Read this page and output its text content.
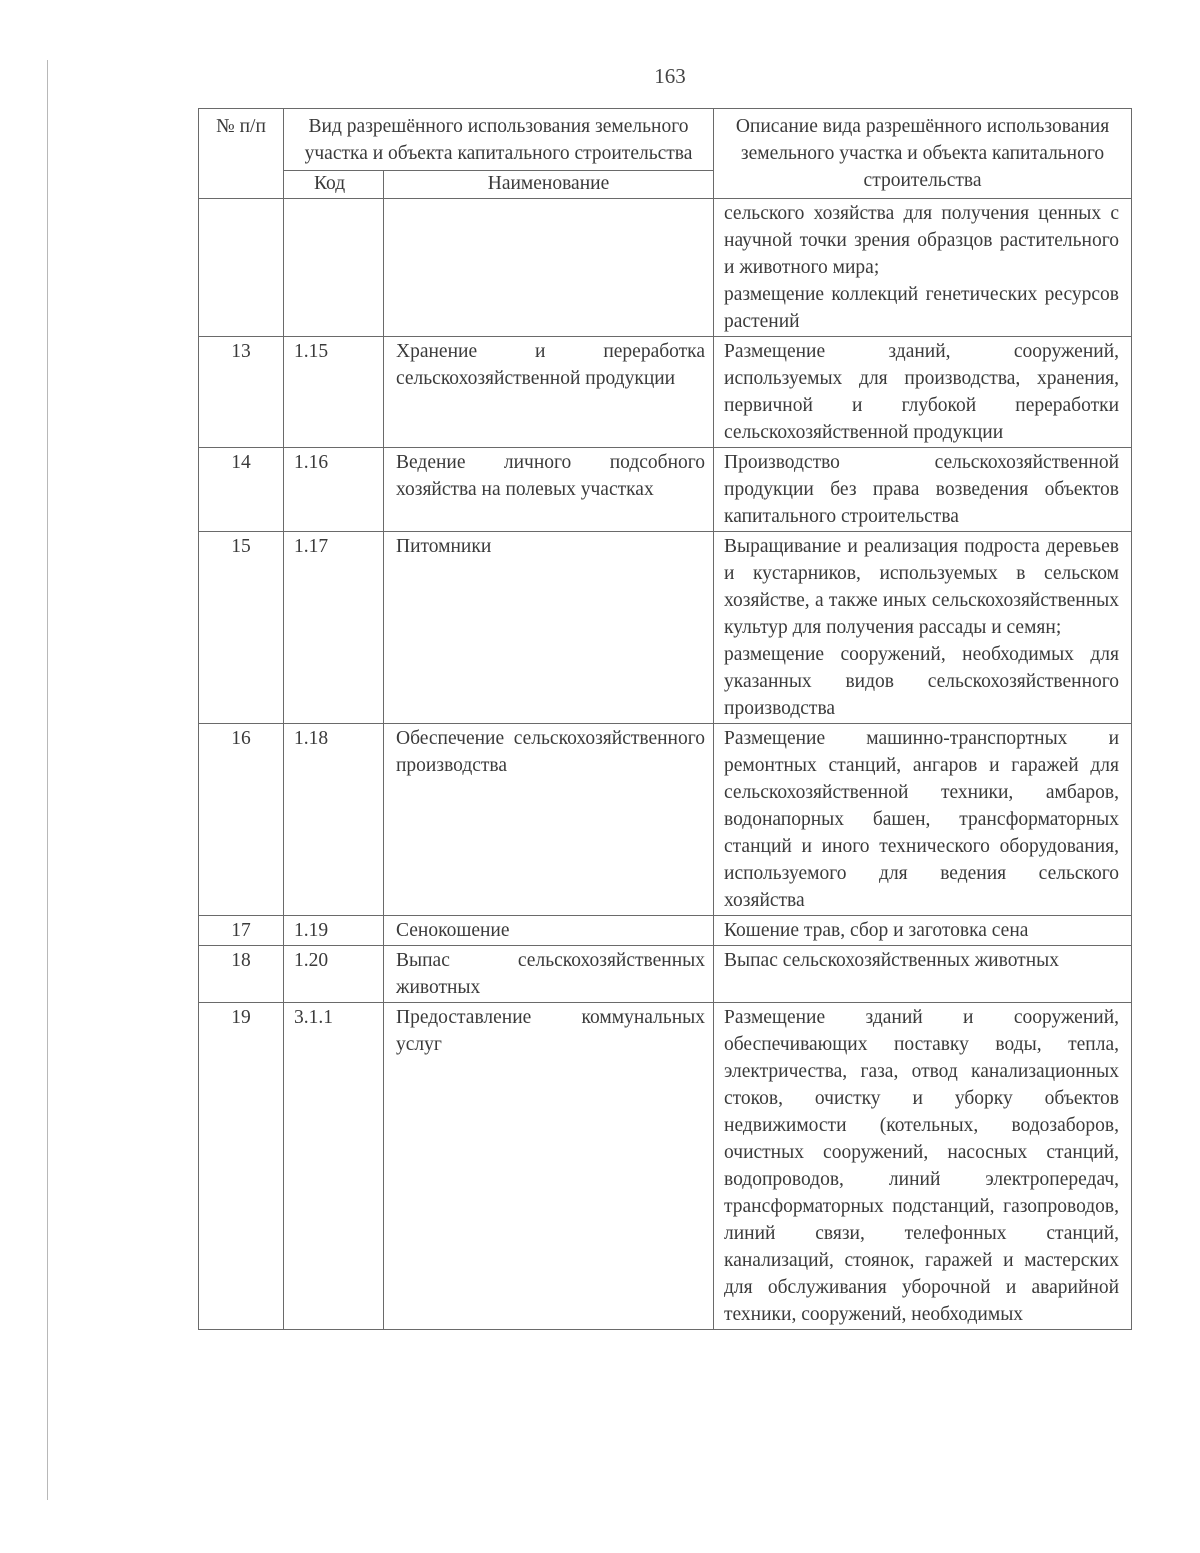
163
№ п/п	Вид разрешённого использования земельного участка и объекта капитального строительства		Описание вида разрешённого использования земельного участка и объекта капитального строительства
	Код	Наименование	

			сельского хозяйства для получения ценных с научной точки зрения образцов растительного и животного мира;

размещение коллекций генетических ресурсов растений

13	1.15	Хранение и переработка сельскохозяйственной продукции	Размещение зданий, сооружений, используемых для производства, хранения, первичной и глубокой переработки сельскохозяйственной продукции

14	1.16	Ведение личного подсобного хозяйства на полевых участках	Производство сельскохозяйственной продукции без права возведения объектов капитального строительства

15	1.17	Питомники	Выращивание и реализация подроста деревьев и кустарников, используемых в сельском хозяйстве, а также иных сельскохозяйственных культур для получения рассады и семян;

размещение сооружений, необходимых для указанных видов сельскохозяйственного производства

16	1.18	Обеспечение сельскохозяйственного производства	Размещение машинно-транспортных и ремонтных станций, ангаров и гаражей для сельскохозяйственной техники, амбаров, водонапорных башен, трансформаторных станций и иного технического оборудования, используемого для ведения сельского хозяйства

17	1.19	Сенокошение	Кошение трав, сбор и заготовка сена

18	1.20	Выпас сельскохозяйственных животных	Выпас сельскохозяйственных животных

19	3.1.1	Предоставление коммунальных услуг	Размещение зданий и сооружений, обеспечивающих поставку воды, тепла, электричества, газа, отвод канализационных стоков, очистку и уборку объектов недвижимости (котельных, водозаборов, очистных сооружений, насосных станций, водопроводов, линий электропередач, трансформаторных подстанций, газопроводов, линий связи, телефонных станций, канализаций, стоянок, гаражей и мастерских для обслуживания уборочной и аварийной техники, сооружений, необходимых
